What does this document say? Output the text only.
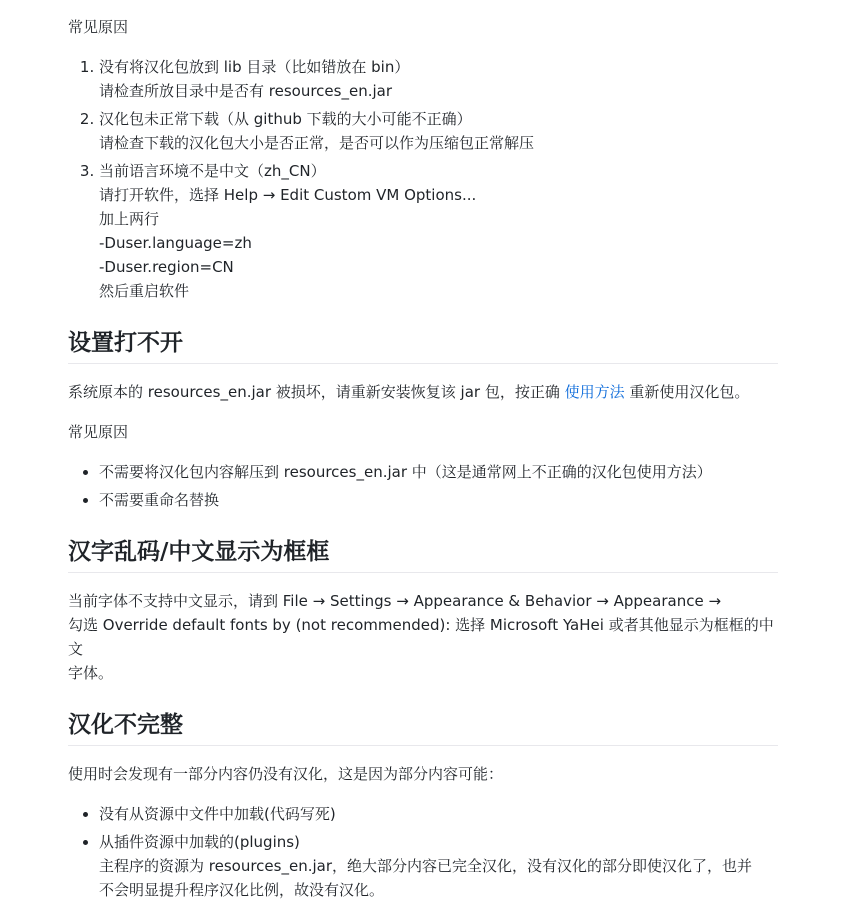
常见原因

1. 没有将汉化包放到 lib 目录（比如错放在 bin）
请检查所放目录中是否有 resources_en.jar
2. 汉化包未正常下载（从 github 下载的大小可能不正确）
请检查下载的汉化包大小是否正常，是否可以作为压缩包正常解压
3. 当前语言环境不是中文（zh_CN）
请打开软件，选择 Help → Edit Custom VM Options...
加上两行
-Duser.language=zh
-Duser.region=CN
然后重启软件
设置打不开

系统原本的 resources_en.jar 被损坏，请重新安装恢复该 jar 包，按正确 使用方法 重新使用汉化包。

常见原因

• 不需要将汉化包内容解压到 resources_en.jar 中（这是通常网上不正确的汉化包使用方法）
• 不需要重命名替换
汉字乱码/中文显示为框框

当前字体不支持中文显示，请到 File → Settings → Appearance & Behavior → Appearance →
勾选 Override default fonts by (not recommended): 选择 Microsoft YaHei 或者其他显示为框框的中文
字体。

汉化不完整

使用时会发现有一部分内容仍没有汉化，这是因为部分内容可能：

• 没有从资源中文件中加载(代码写死)
• 从插件资源中加载的(plugins)
主程序的资源为 resources_en.jar，绝大部分内容已完全汉化，没有汉化的部分即使汉化了，也并
不会明显提升程序汉化比例，故没有汉化。
